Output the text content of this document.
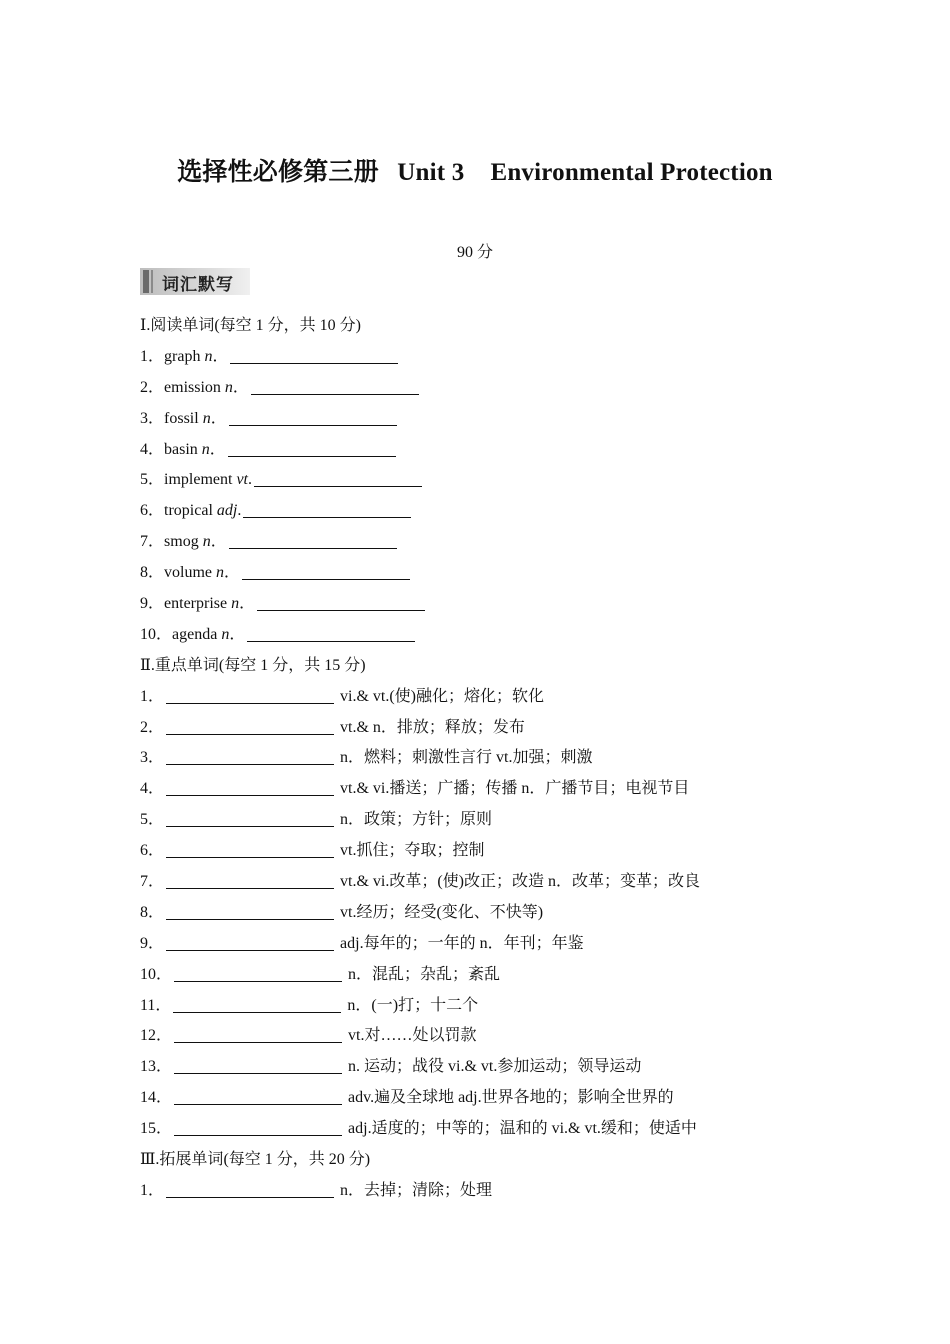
选择性必修第三册 Unit 3 Environmental Protection
90 分
词汇默写
Ⅰ.阅读单词(每空 1 分，共 10 分)
1．graph n．
2．emission n．
3．fossil n．
4．basin n．
5．implement vt.
6．tropical adj.
7．smog n．
8．volume n．
9．enterprise n．
10．agenda n．
Ⅱ.重点单词(每空 1 分，共 15 分)
1．	vi.& vt.(使)融化；熔化；软化
2．	vt.& n．排放；释放；发布
3．	n．燃料；刺激性言行 vt.加强；刺激
4．	vt.& vi.播送；广播；传播 n．广播节目；电视节目
5．	n．政策；方针；原则
6．	vt.抓住；夺取；控制
7．	vt.& vi.改革；(使)改正；改造 n．改革；变革；改良
8．	vt.经历；经受(变化、不快等)
9．	adj.每年的；一年的 n．年刊；年鉴
10．	n．混乱；杂乱；紊乱
11．	n．(一)打；十二个
12．	vt.对……处以罚款
13．	n. 运动；战役 vi.& vt.参加运动；领导运动
14．	adv.遍及全球地 adj.世界各地的；影响全世界的
15．	adj.适度的；中等的；温和的 vi.& vt.缓和；使适中
Ⅲ.拓展单词(每空 1 分，共 20 分)
1．	n．去掉；清除；处理
